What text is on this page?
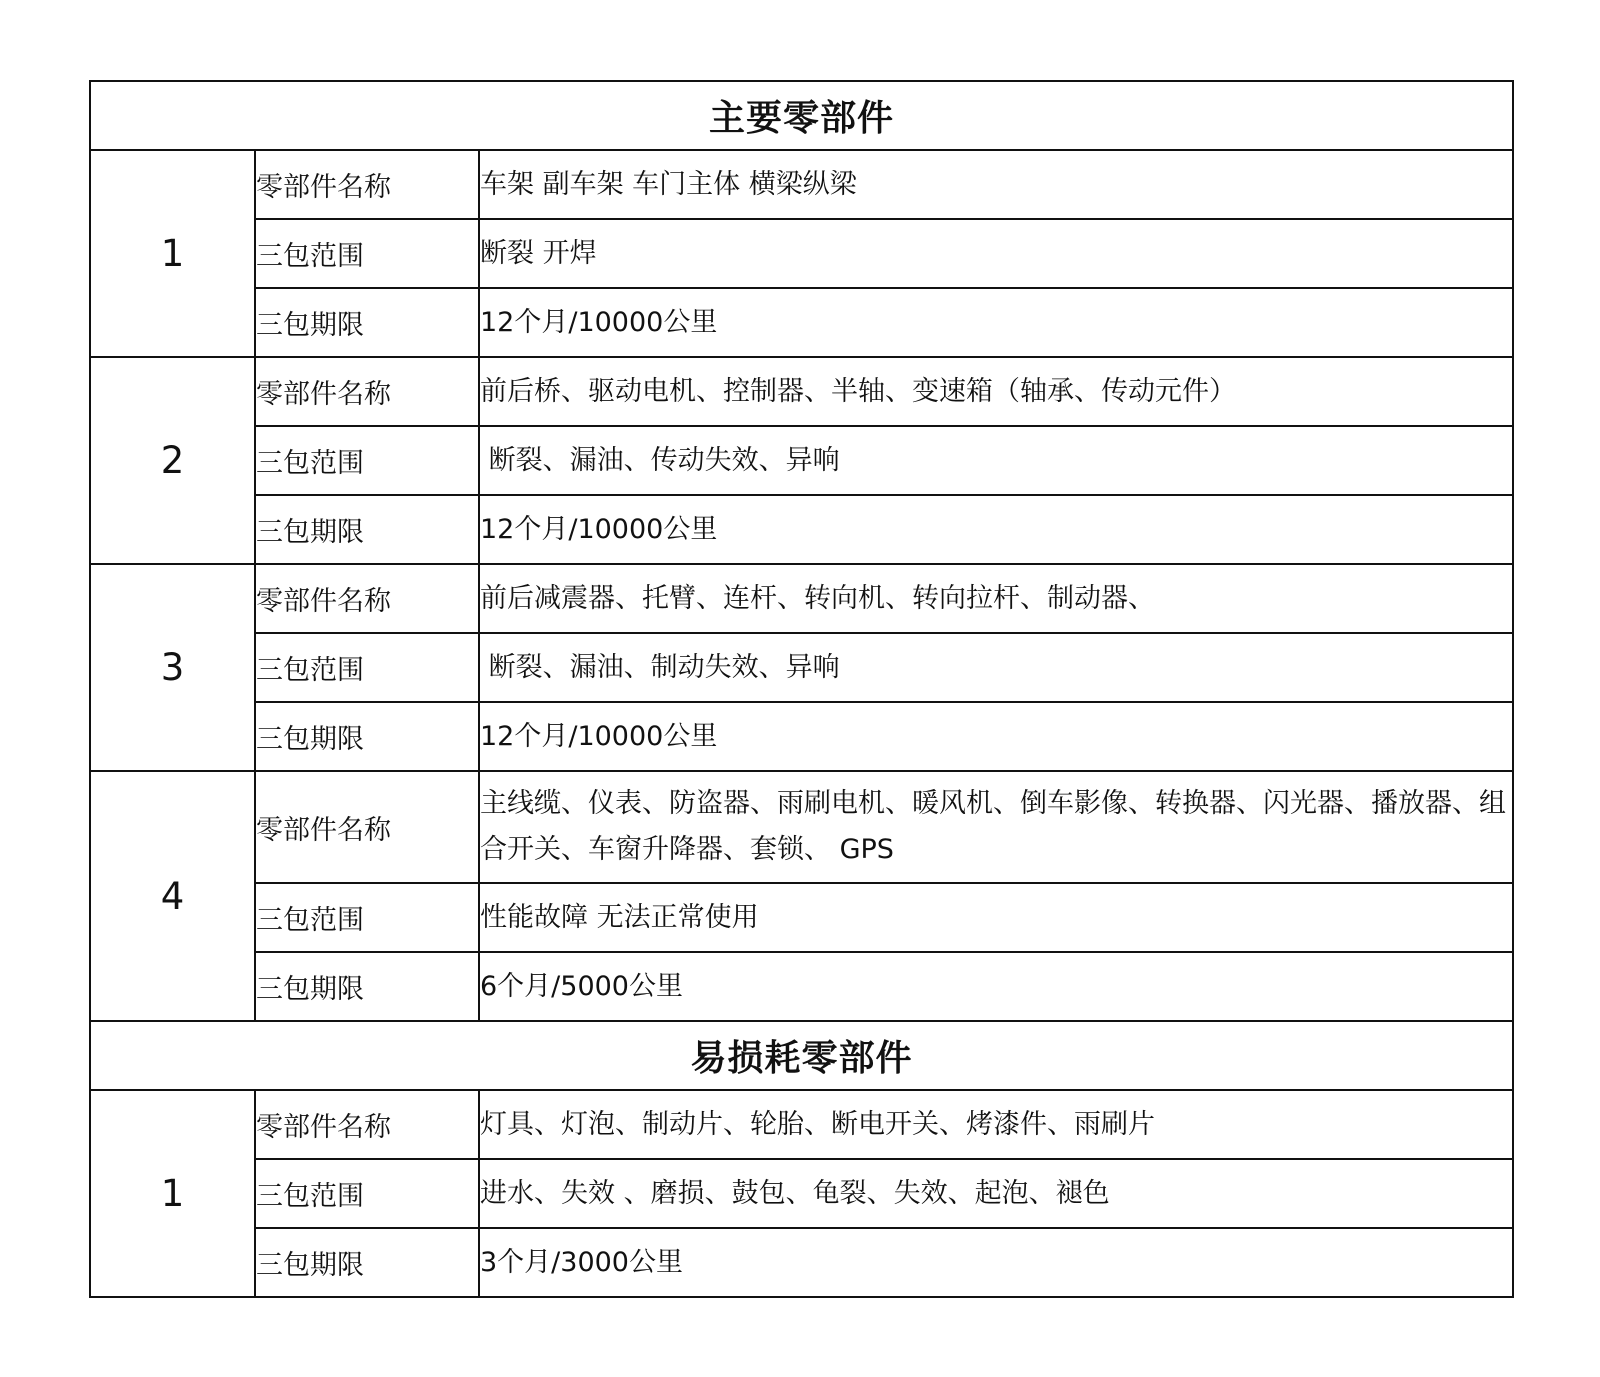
主要零部件		
1	零部件名称	车架 副车架 车门主体 横梁纵梁
	三包范围	断裂 开焊
	三包期限	12个月/10000公里
2	零部件名称	前后桥、驱动电机、控制器、半轴、变速箱（轴承、传动元件）
	三包范围	断裂、漏油、传动失效、异响
	三包期限	12个月/10000公里
3	零部件名称	前后减震器、托臂、连杆、转向机、转向拉杆、制动器、
	三包范围	断裂、漏油、制动失效、异响
	三包期限	12个月/10000公里
4	零部件名称	主线缆、仪表、防盗器、雨刷电机、暖风机、倒车影像、转换器、闪光器、播放器、组合开关、车窗升降器、套锁、 GPS
	三包范围	性能故障 无法正常使用
	三包期限	6个月/5000公里
易损耗零部件		
1	零部件名称	灯具、灯泡、制动片、轮胎、断电开关、烤漆件、雨刷片
	三包范围	进水、失效 、磨损、鼓包、龟裂、失效、起泡、褪色
	三包期限	3个月/3000公里
